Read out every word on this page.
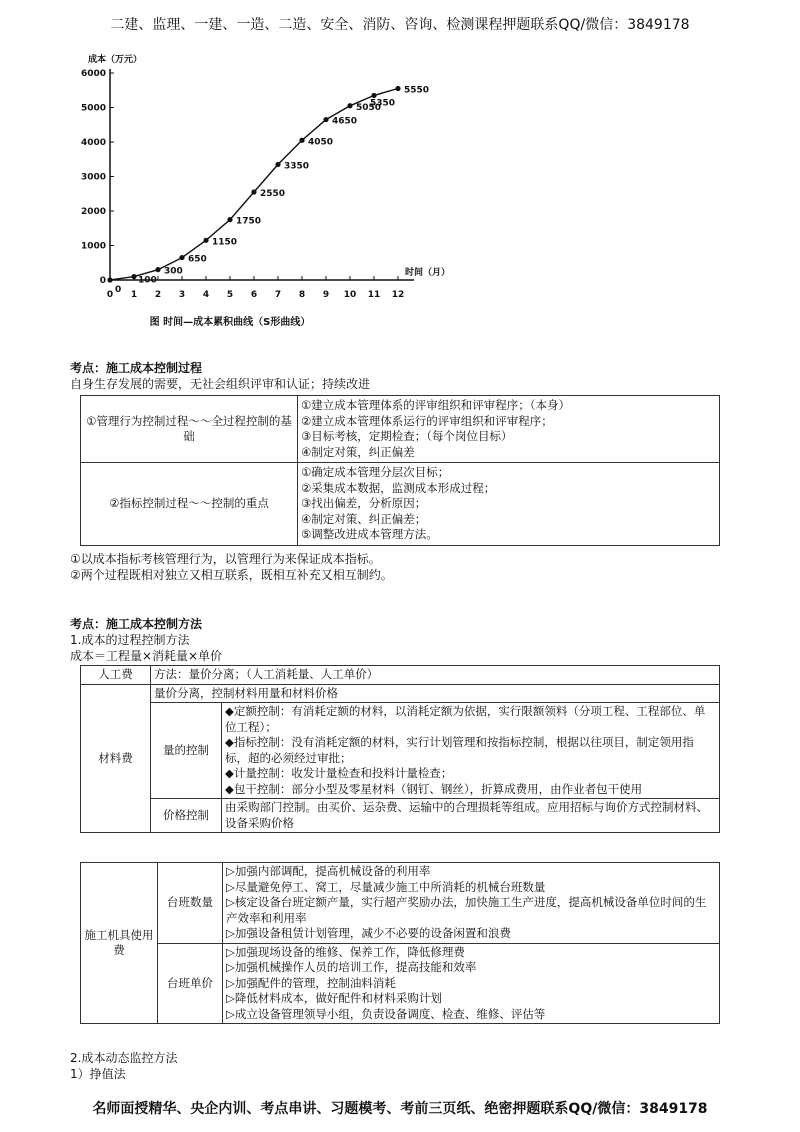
二建、监理、一建、一造、二造、安全、消防、咨询、检测课程押题联系QQ/微信：3849178
成本（万元）
时间（月）
图 时间—成本累积曲线（S形曲线）
0 1 2 3 4 5 6 7 8 9 10 11 12
0
1000
2000
3000
4000
5000
6000
0
100
300
650
1150
1750
2550
3350
4050
4650
5050
5350
5550
考点：施工成本控制过程
自身生存发展的需要，无社会组织评审和认证；持续改进
①管理行为控制过程～～全过程控制的基础	①建立成本管理体系的评审组织和评审程序；（本身）
②建立成本管理体系运行的评审组织和评审程序；
③目标考核，定期检查；（每个岗位目标）
④制定对策，纠正偏差

②指标控制过程～～控制的重点	①确定成本管理分层次目标；
②采集成本数据，监测成本形成过程；
③找出偏差，分析原因；
④制定对策、纠正偏差；
⑤调整改进成本管理方法。
①以成本指标考核管理行为，以管理行为来保证成本指标。
②两个过程既相对独立又相互联系，既相互补充又相互制约。
考点：施工成本控制方法
1.成本的过程控制方法
成本＝工程量×消耗量×单价
人工费	方法：量价分离；（人工消耗量、人工单价）	
材料费	量价分离，控制材料用量和材料价格	
	量的控制	◆定额控制：有消耗定额的材料，以消耗定额为依据，实行限额领料（分项工程、工程部位、单位工程）；
◆指标控制：没有消耗定额的材料，实行计划管理和按指标控制，根据以往项目，制定领用指标，超的必须经过审批；
◆计量控制：收发计量检查和投料计量检查；
◆包干控制：部分小型及零星材料（钢钉、钢丝），折算成费用，由作业者包干使用

	价格控制	由采购部门控制。由买价、运杂费、运输中的合理损耗等组成。应用招标与询价方式控制材料、设备采购价格
施工机具使用费	台班数量	▷加强内部调配，提高机械设备的利用率
▷尽量避免停工、窝工，尽量减少施工中所消耗的机械台班数量
▷核定设备台班定额产量，实行超产奖励办法，加快施工生产进度，提高机械设备单位时间的生产效率和利用率
▷加强设备租赁计划管理，减少不必要的设备闲置和浪费

	台班单价	▷加强现场设备的维修、保养工作，降低修理费
▷加强机械操作人员的培训工作，提高技能和效率
▷加强配件的管理，控制油料消耗
▷降低材料成本，做好配件和材料采购计划
▷成立设备管理领导小组，负责设备调度、检查、维修、评估等
2.成本动态监控方法
1）挣值法
名师面授精华、央企内训、考点串讲、习题模考、考前三页纸、绝密押题联系QQ/微信：3849178
